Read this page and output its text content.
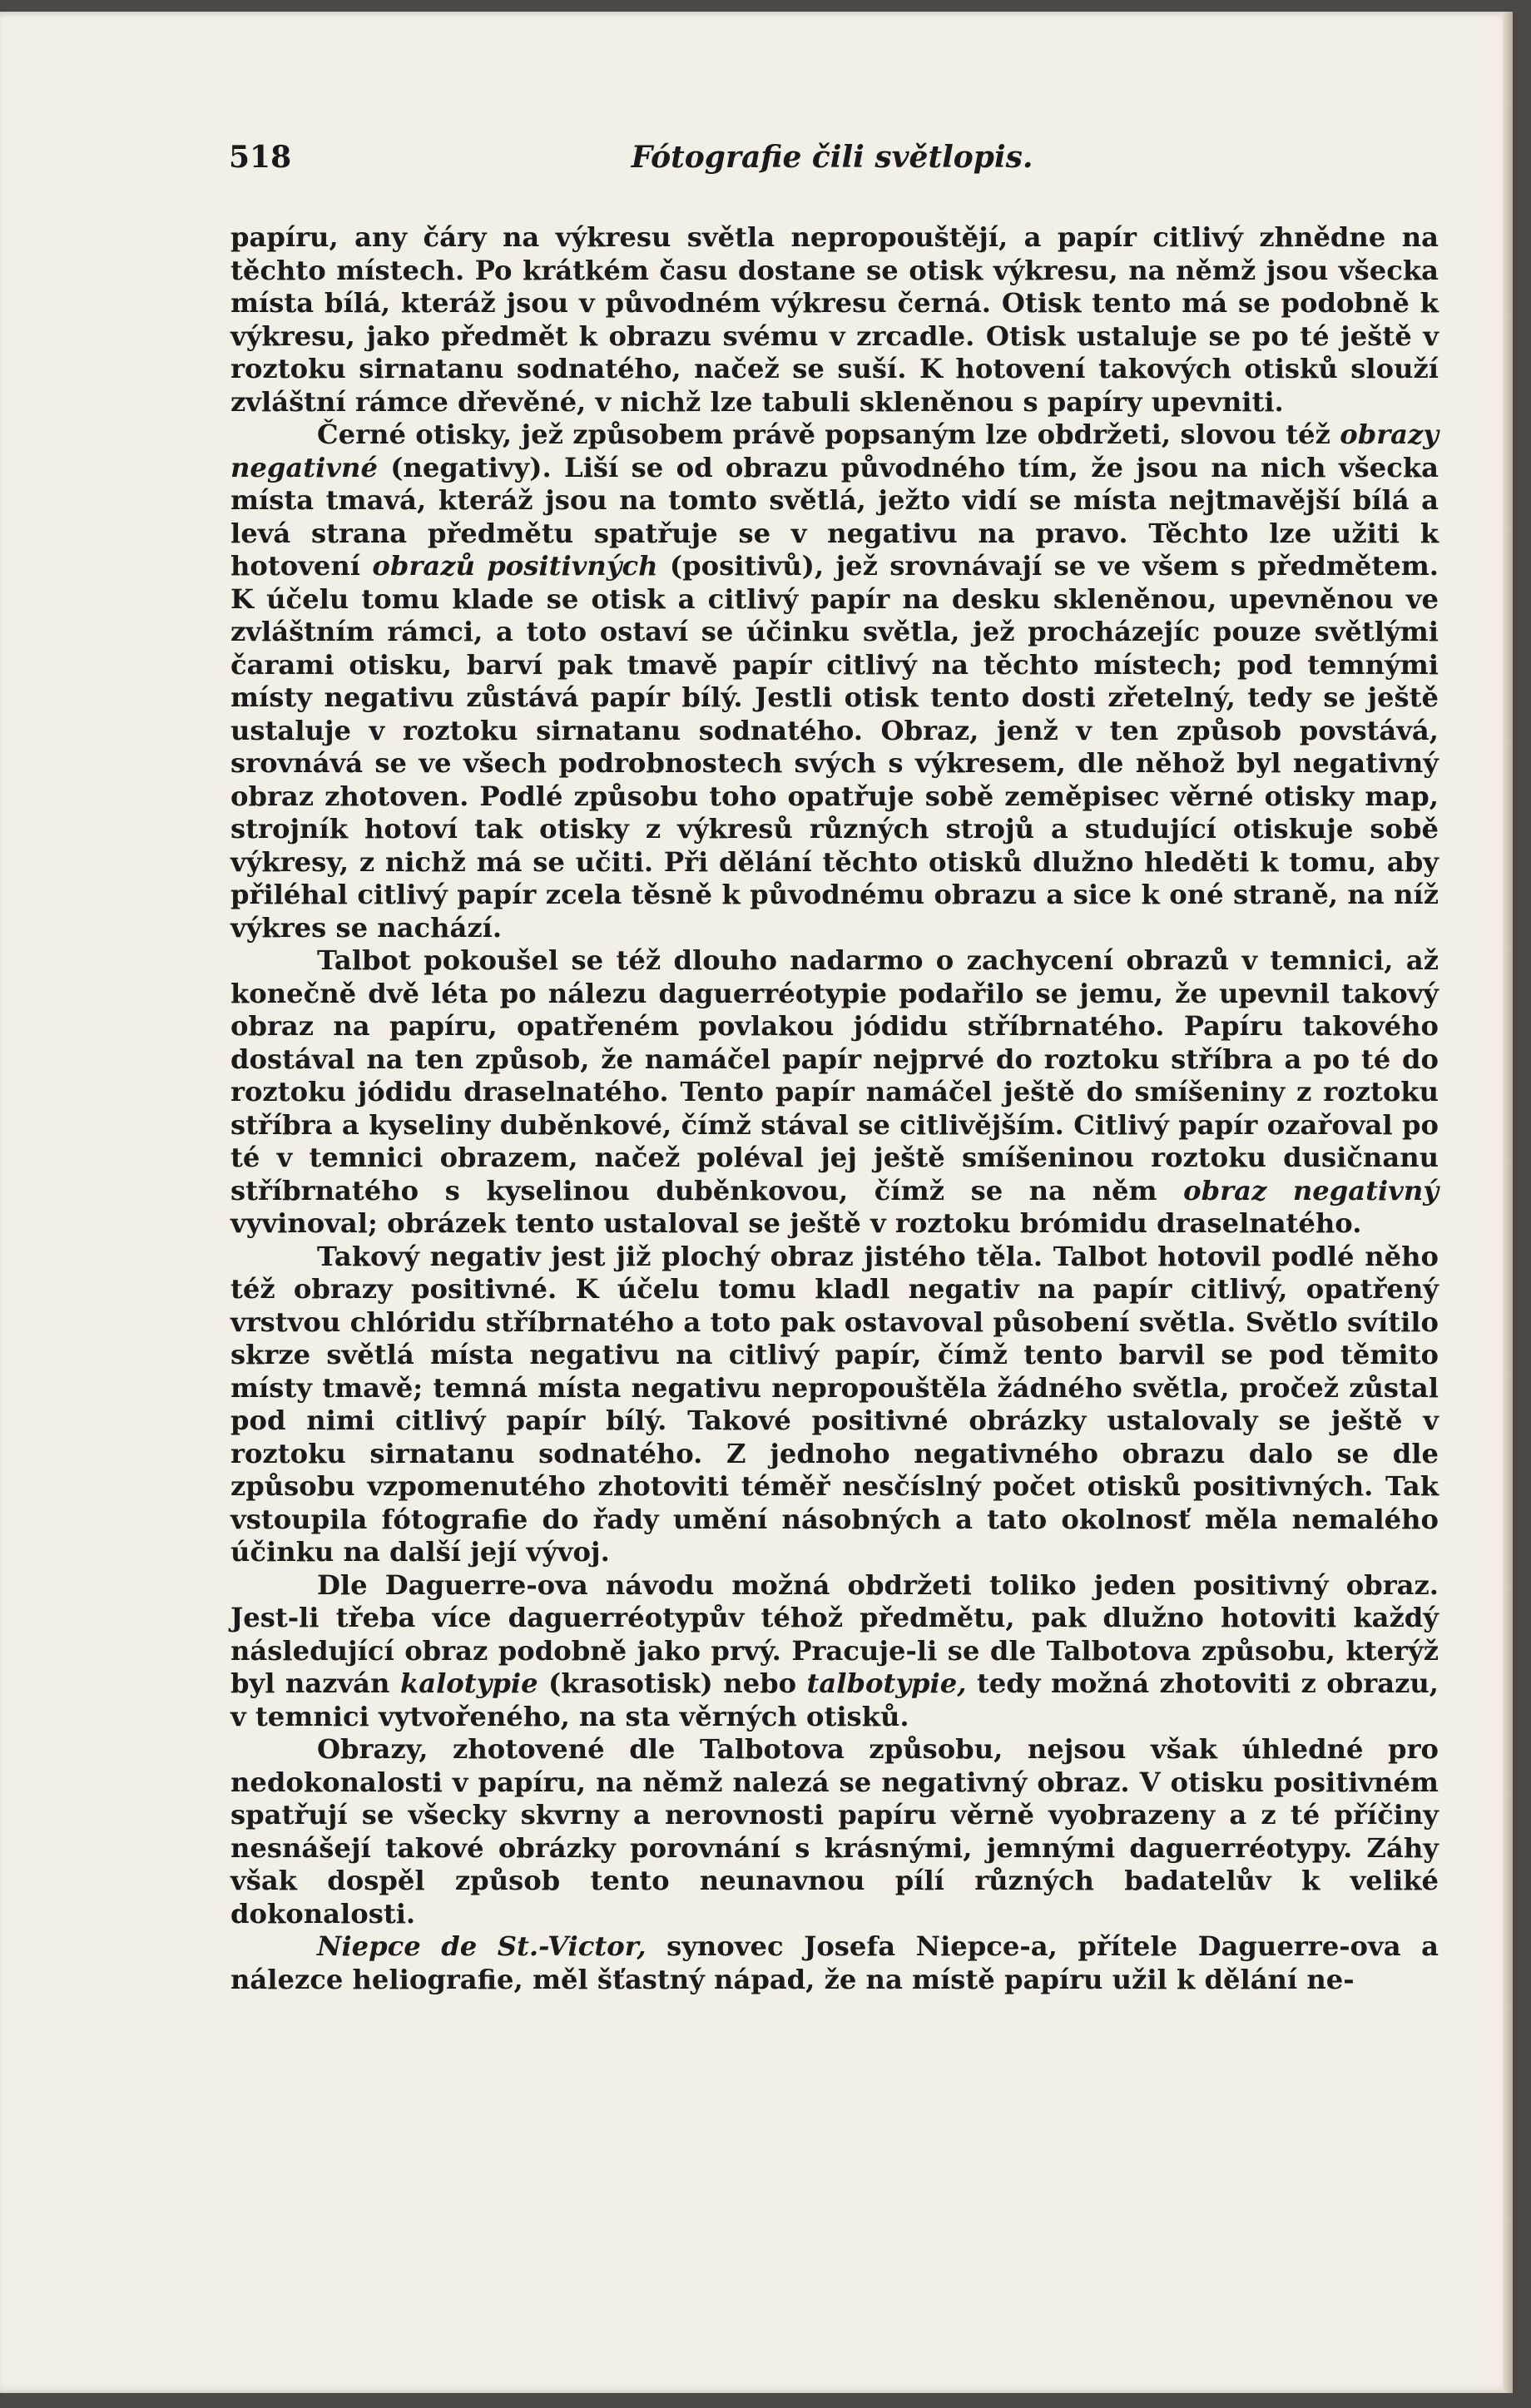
518	Fótografie čili světlopis.

papíru, any čáry na výkresu světla nepropouštějí, a papír citlivý zhnědne na těchto místech. Po krátkém času dostane se otisk výkresu, na němž jsou všecka místa bílá, kteráž jsou v původném výkresu černá. Otisk tento má se podobně k výkresu, jako předmět k obrazu svému v zrcadle. Otisk ustaluje se po té ještě v roztoku sirnatanu sodnatého, načež se suší. K hotovení takových otisků slouží zvláštní rámce dřevěné, v nichž lze tabuli skleněnou s papíry upevniti.

Černé otisky, jež způsobem právě popsaným lze obdržeti, slovou též obrazy negativné (negativy). Liší se od obrazu původného tím, že jsou na nich všecka místa tmavá, kteráž jsou na tomto světlá, ježto vidí se místa nejtmavější bílá a levá strana předmětu spatřuje se v negativu na pravo. Těchto lze užiti k hotovení obrazů positivných (positivů), jež srovnávají se ve všem s předmětem. K účelu tomu klade se otisk a citlivý papír na desku skleněnou, upevněnou ve zvláštním rámci, a toto ostaví se účinku světla, jež procházejíc pouze světlými čarami otisku, barví pak tmavě papír citlivý na těchto místech; pod temnými místy negativu zůstává papír bílý. Jestli otisk tento dosti zřetelný, tedy se ještě ustaluje v roztoku sirnatanu sodnatého. Obraz, jenž v ten způsob povstává, srovnává se ve všech podrobnostech svých s výkresem, dle něhož byl negativný obraz zhotoven. Podlé způsobu toho opatřuje sobě zeměpisec věrné otisky map, strojník hotoví tak otisky z výkresů různých strojů a studující otiskuje sobě výkresy, z nichž má se učiti. Při dělání těchto otisků dlužno hleděti k tomu, aby přiléhal citlivý papír zcela těsně k původnému obrazu a sice k oné straně, na níž výkres se nachází.

Talbot pokoušel se též dlouho nadarmo o zachycení obrazů v temnici, až konečně dvě léta po nálezu daguerréotypie podařilo se jemu, že upevnil takový obraz na papíru, opatřeném povlakou jódidu stříbrnatého. Papíru takového dostával na ten způsob, že namáčel papír nejprvé do roztoku stříbra a po té do roztoku jódidu draselnatého. Tento papír namáčel ještě do smíšeniny z roztoku stříbra a kyseliny duběnkové, čímž stával se citlivějším. Citlivý papír ozařoval po té v temnici obrazem, načež poléval jej ještě smíšeninou roztoku dusičnanu stříbrnatého s kyselinou duběnkovou, čímž se na něm obraz negativný vyvinoval; obrázek tento ustaloval se ještě v roztoku brómidu draselnatého.

Takový negativ jest již plochý obraz jistého těla. Talbot hotovil podlé něho též obrazy positivné. K účelu tomu kladl negativ na papír citlivý, opatřený vrstvou chlóridu stříbrnatého a toto pak ostavoval působení světla. Světlo svítilo skrze světlá místa negativu na citlivý papír, čímž tento barvil se pod těmito místy tmavě; temná místa negativu nepropouštěla žádného světla, pročež zůstal pod nimi citlivý papír bílý. Takové positivné obrázky ustalovaly se ještě v roztoku sirnatanu sodnatého. Z jednoho negativného obrazu dalo se dle způsobu vzpomenutého zhotoviti téměř nesčíslný počet otisků positivných. Tak vstoupila fótografie do řady umění násobných a tato okolnosť měla nemalého účinku na další její vývoj.

Dle Daguerre-ova návodu možná obdržeti toliko jeden positivný obraz. Jest-li třeba více daguerréotypův téhož předmětu, pak dlužno hotoviti každý následující obraz podobně jako prvý. Pracuje-li se dle Talbotova způsobu, kterýž byl nazván kalotypie (krasotisk) nebo talbotypie, tedy možná zhotoviti z obrazu, v temnici vytvořeného, na sta věrných otisků.

Obrazy, zhotovené dle Talbotova způsobu, nejsou však úhledné pro nedokonalosti v papíru, na němž nalezá se negativný obraz. V otisku positivném spatřují se všecky skvrny a nerovnosti papíru věrně vyobrazeny a z té příčiny nesnášejí takové obrázky porovnání s krásnými, jemnými daguerréotypy. Záhy však dospěl způsob tento neunavnou pílí různých badatelův k veliké dokonalosti.

Niepce de St.-Victor, synovec Josefa Niepce-a, přítele Daguerre-ova a nálezce heliografie, měl šťastný nápad, že na místě papíru užil k dělání ne-
